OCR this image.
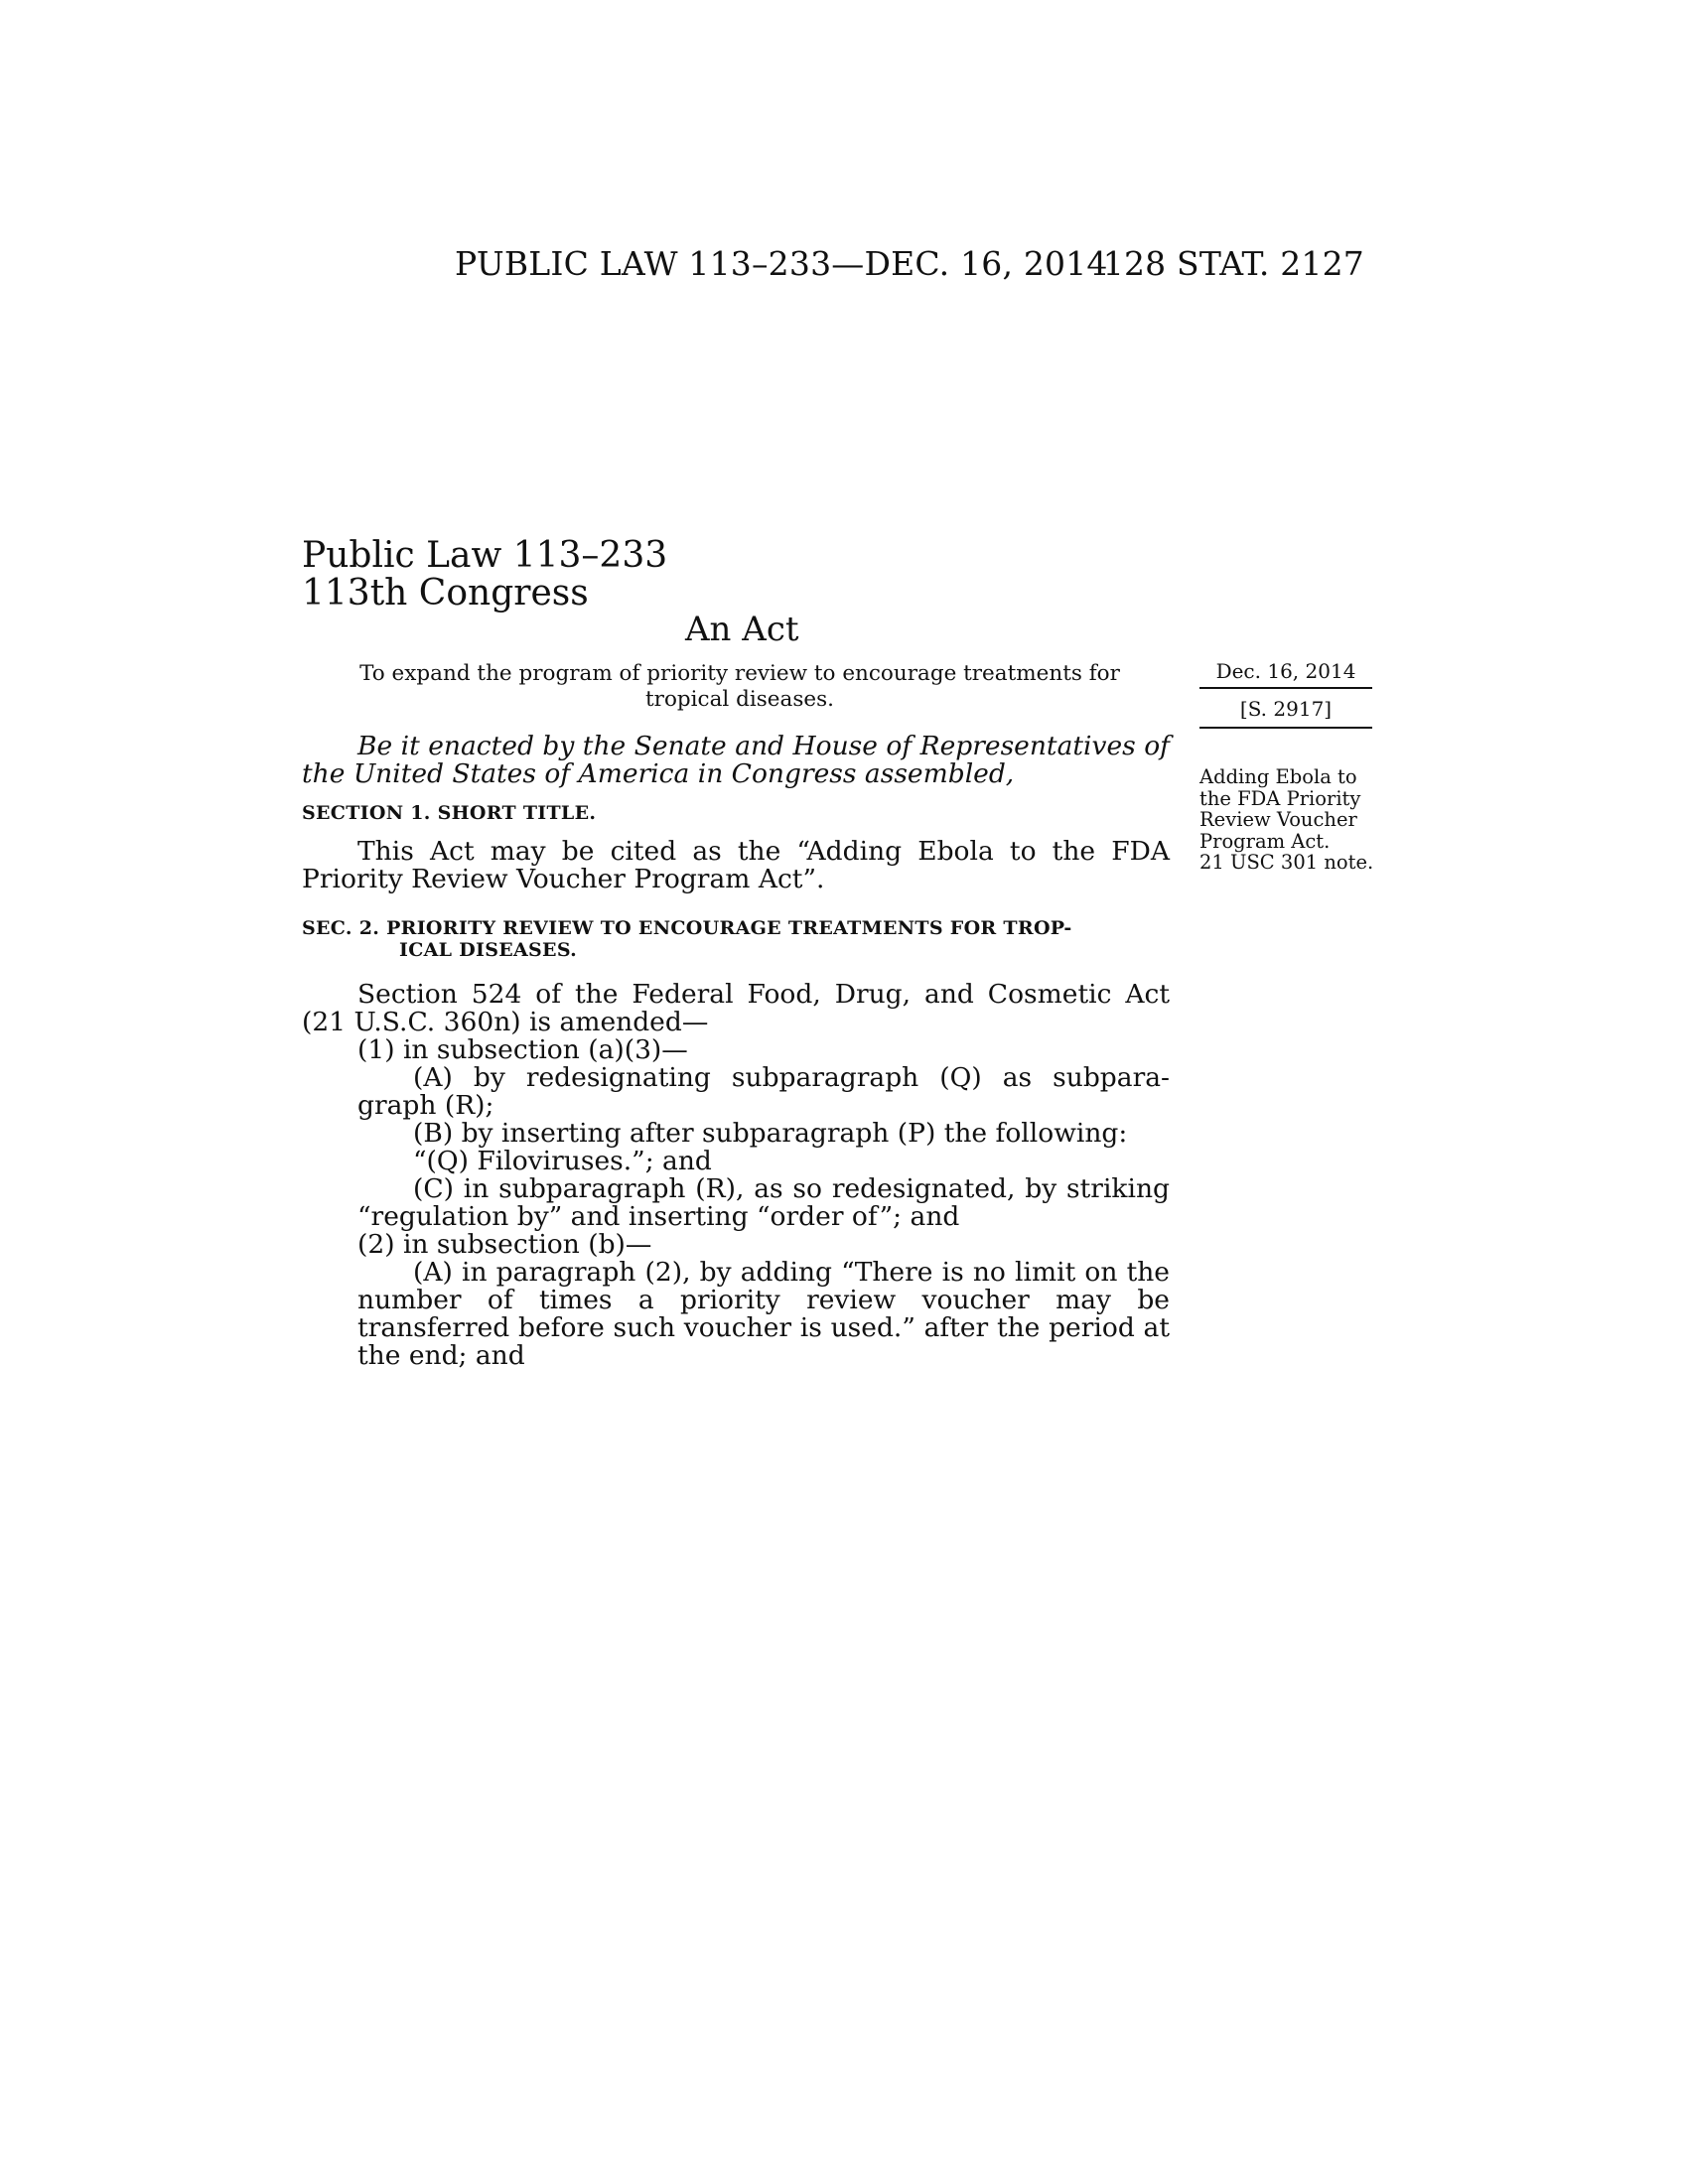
PUBLIC LAW 113–233—DEC. 16, 2014
128 STAT. 2127
Public Law 113–233
113th Congress
An Act
To expand the program of priority review to encourage treatments for tropical diseases.
Dec. 16, 2014
[S. 2917]
Adding Ebola to
the FDA Priority
Review Voucher
Program Act.
21 USC 301 note.

Be it enacted by the Senate and House of Representatives of the United States of America in Congress assembled,

SECTION 1. SHORT TITLE.

This Act may be cited as the “Adding Ebola to the FDA Priority Review Voucher Program Act”.

SEC. 2. PRIORITY REVIEW TO ENCOURAGE TREATMENTS FOR TROP-
ICAL DISEASES.

Section 524 of the Federal Food, Drug, and Cosmetic Act (21 U.S.C. 360n) is amended—

(1) in subsection (a)(3)—

(A) by redesignating subparagraph (Q) as subpara-graph (R);

(B) by inserting after subparagraph (P) the following:

“(Q) Filoviruses.”; and

(C) in subparagraph (R), as so redesignated, by striking “regulation by” and inserting “order of”; and

(2) in subsection (b)—

(A) in paragraph (2), by adding “There is no limit on the number of times a priority review voucher may be transferred before such voucher is used.” after the period at the end; and
